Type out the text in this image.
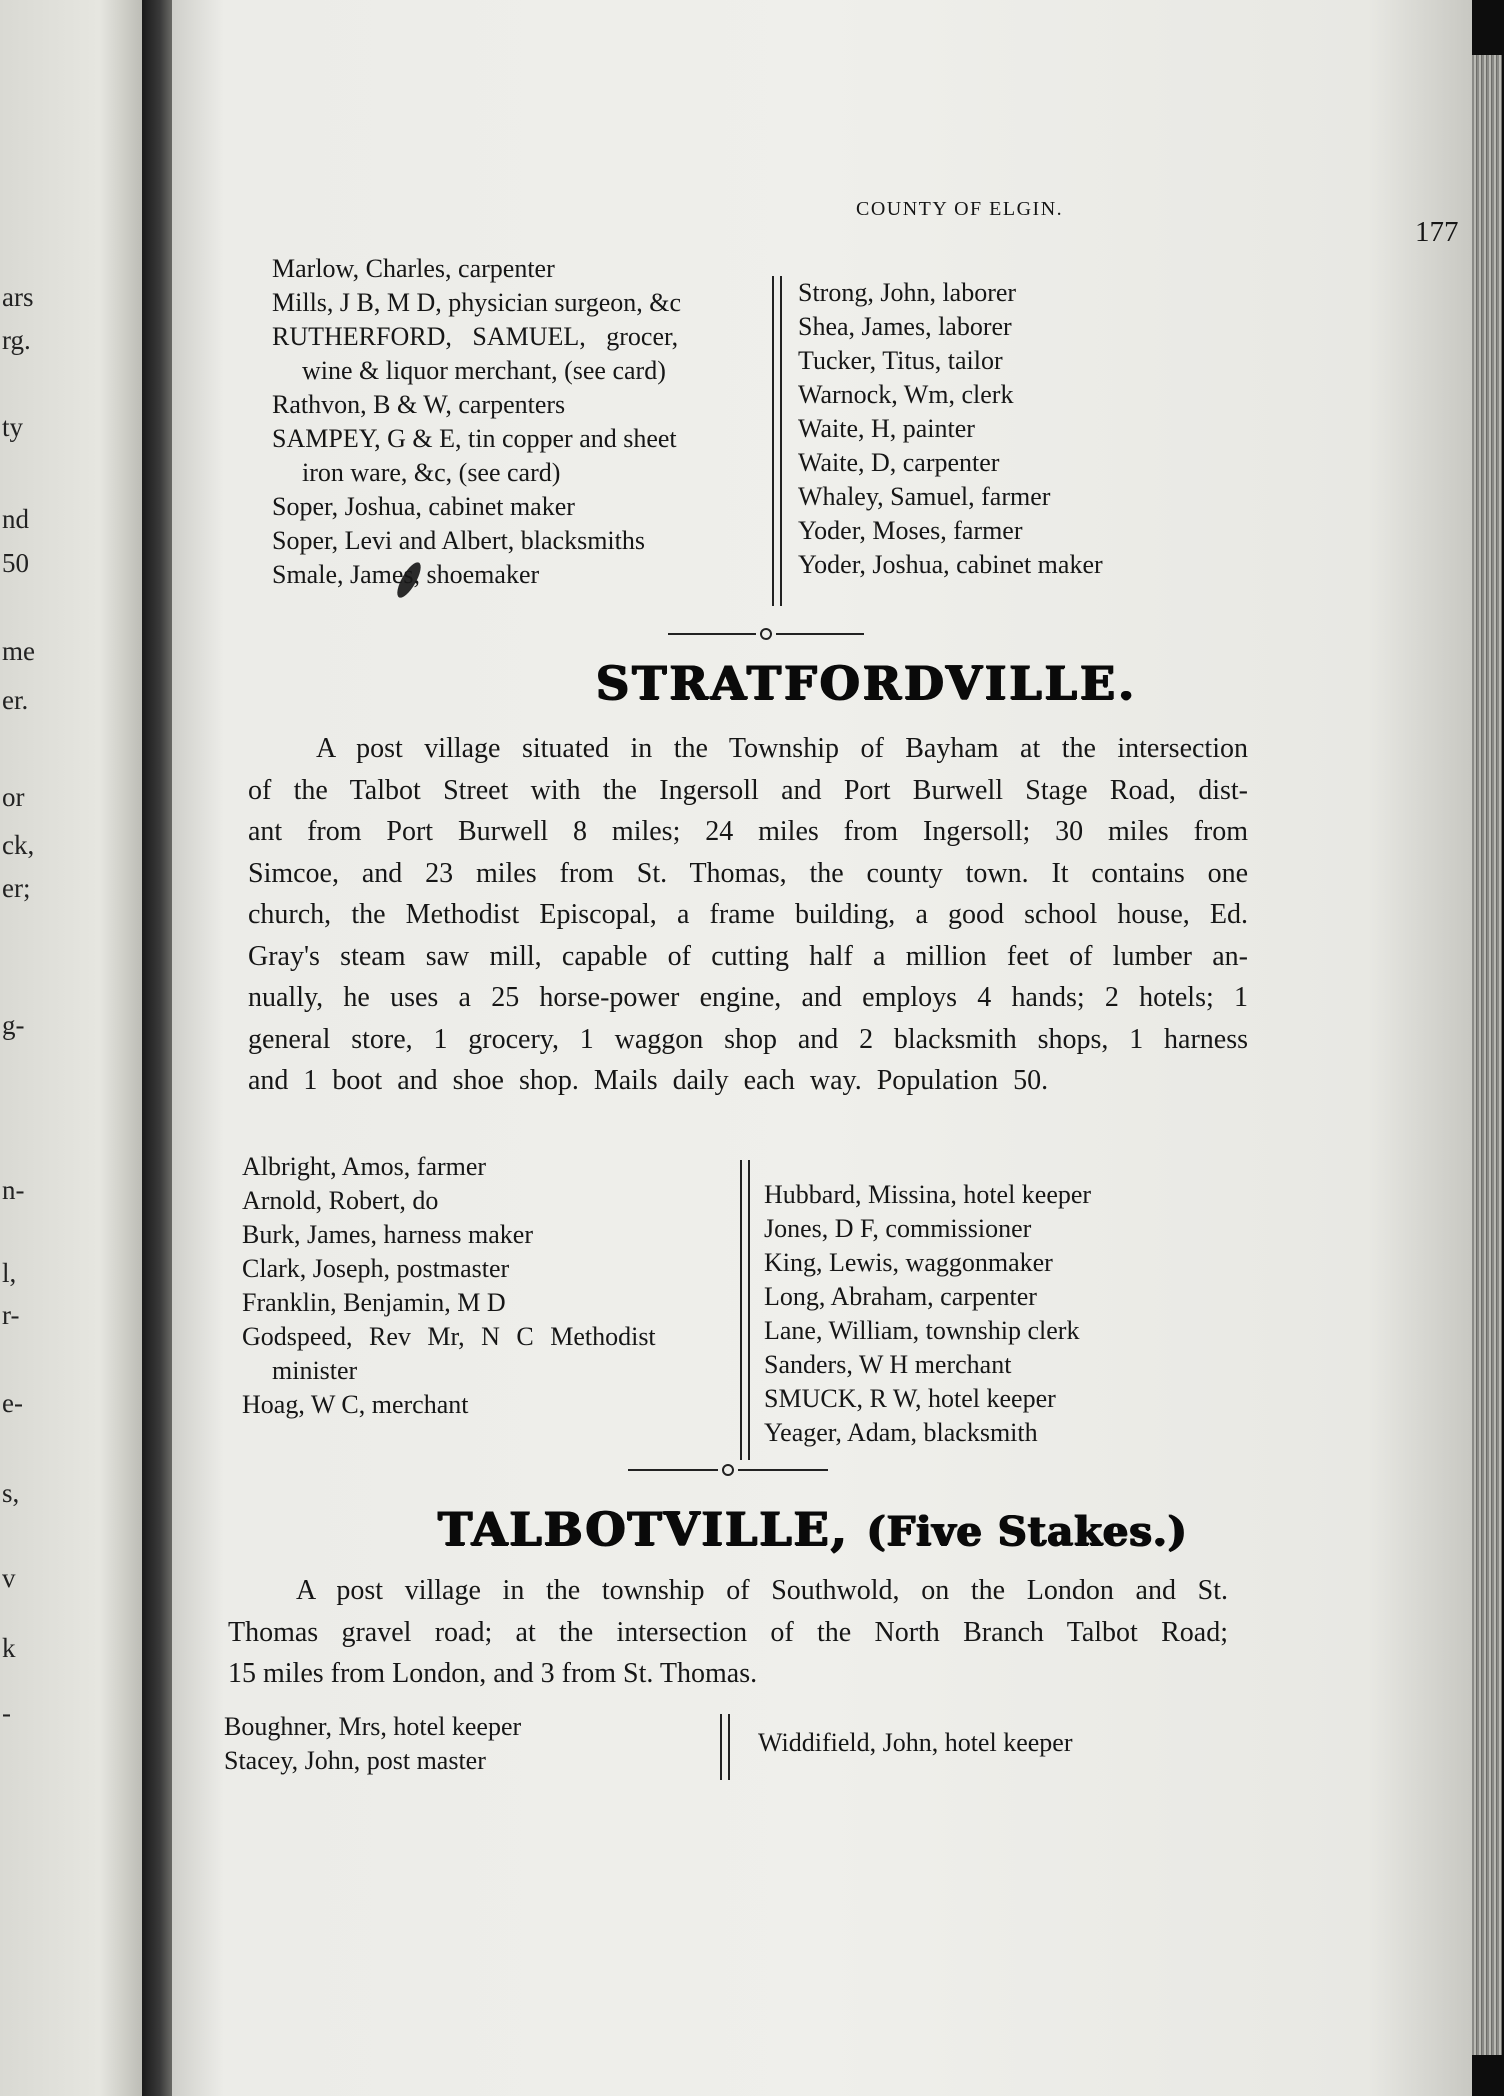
ars
rg.
ty
nd
50
me
er.
or
ck,
er;
g-
n-
l,
r-
e-
s,
v
k
-
COUNTY OF ELGIN.
177
Marlow, Charles, carpenter
Mills, J B, M D, physician surgeon, &c
RUTHERFORD, SAMUEL, grocer,
wine & liquor merchant, (see card)
Rathvon, B & W, carpenters
SAMPEY, G & E, tin copper and sheet
iron ware, &c, (see card)
Soper, Joshua, cabinet maker
Soper, Levi and Albert, blacksmiths
Smale, James, shoemaker
Strong, John, laborer
Shea, James, laborer
Tucker, Titus, tailor
Warnock, Wm, clerk
Waite, H, painter
Waite, D, carpenter
Whaley, Samuel, farmer
Yoder, Moses, farmer
Yoder, Joshua, cabinet maker
STRATFORDVILLE.
A post village situated in the Township of Bayham at the intersection
of the Talbot Street with the Ingersoll and Port Burwell Stage Road, dist-
ant from Port Burwell 8 miles; 24 miles from Ingersoll; 30 miles from
Simcoe, and 23 miles from St. Thomas, the county town. It contains one
church, the Methodist Episcopal, a frame building, a good school house, Ed.
Gray's steam saw mill, capable of cutting half a million feet of lumber an-
nually, he uses a 25 horse-power engine, and employs 4 hands; 2 hotels; 1
general store, 1 grocery, 1 waggon shop and 2 blacksmith shops, 1 harness
and 1 boot and shoe shop. Mails daily each way. Population 50.
Albright, Amos, farmer
Arnold, Robert, do
Burk, James, harness maker
Clark, Joseph, postmaster
Franklin, Benjamin, M D
Godspeed, Rev Mr, N C Methodist
minister
Hoag, W C, merchant
Hubbard, Missina, hotel keeper
Jones, D F, commissioner
King, Lewis, waggonmaker
Long, Abraham, carpenter
Lane, William, township clerk
Sanders, W H merchant
SMUCK, R W, hotel keeper
Yeager, Adam, blacksmith
TALBOTVILLE, (Five Stakes.)
A post village in the township of Southwold, on the London and St.
Thomas gravel road; at the intersection of the North Branch Talbot Road;
15 miles from London, and 3 from St. Thomas.
Boughner, Mrs, hotel keeper
Stacey, John, post master
Widdifield, John, hotel keeper
